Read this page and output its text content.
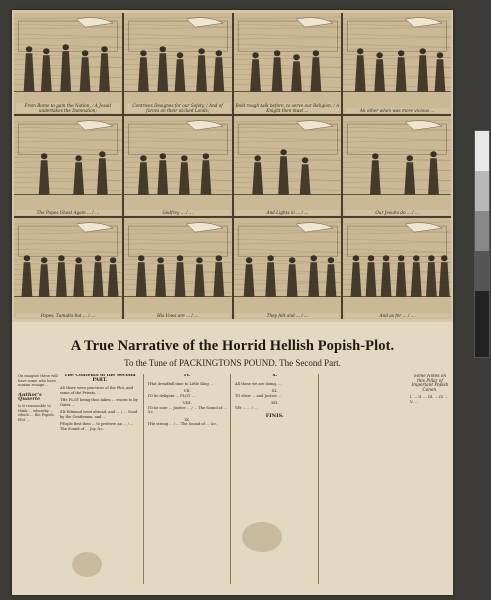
From Rome to gain the Nation, / A Jesuit undertakes the Damnation;
Contrives Designes for our Safety, / And of forces on their wicked Lands;
Bold rough talk before, to serve our Religion, / A Knight then must ...	An other when was more vicious ...
The Popes Ghost Again ... / ...	Godfrey ... / ...	And Lights in ... / ...	Our Jesuits do ... / ...
Popes, Tumults but ... / ...	His Vows are ... / ...	They felt and ... / ...	And as for ... / ...
A True Narrative of the Horrid Hellish Popish-Plot.
To the Tune of PACKINGTONS POUND. The Second Part.
On imagine these will have some who have noman rouage...
Author's Quaerie
Is it reasonable to think ... whereby ... which ... the Popish Plot ...
The Contents of the Second PART.
AS there were practices of the Plot, and some of the Priests, ...
THe PLOT being thus taken ... sworn to by Oates ...
SIr Edmund went abroad, and ... / ... Good by the Gentleman, and ...
PEople first then ... to preferre an ... / ... The Sound of ... Joy, &c.
IV.
THat dreadfull time to Little King ...
VII.
TO be deligent ... PLOT ...
VIII.
TO be sure ... Justice ... / ... The Sound of ... &c.
IX.
THe strong ... / ... The Sound of ... &c.
X.
All those we are doing, ...
XI.
TO shew ... and Justice ...
XII.
YEt ... ... / ...
FINIS.
Some Notes on this Pillar of Important Popish Canon.
I. ... II. ... III. ... IV. ... V. ...
